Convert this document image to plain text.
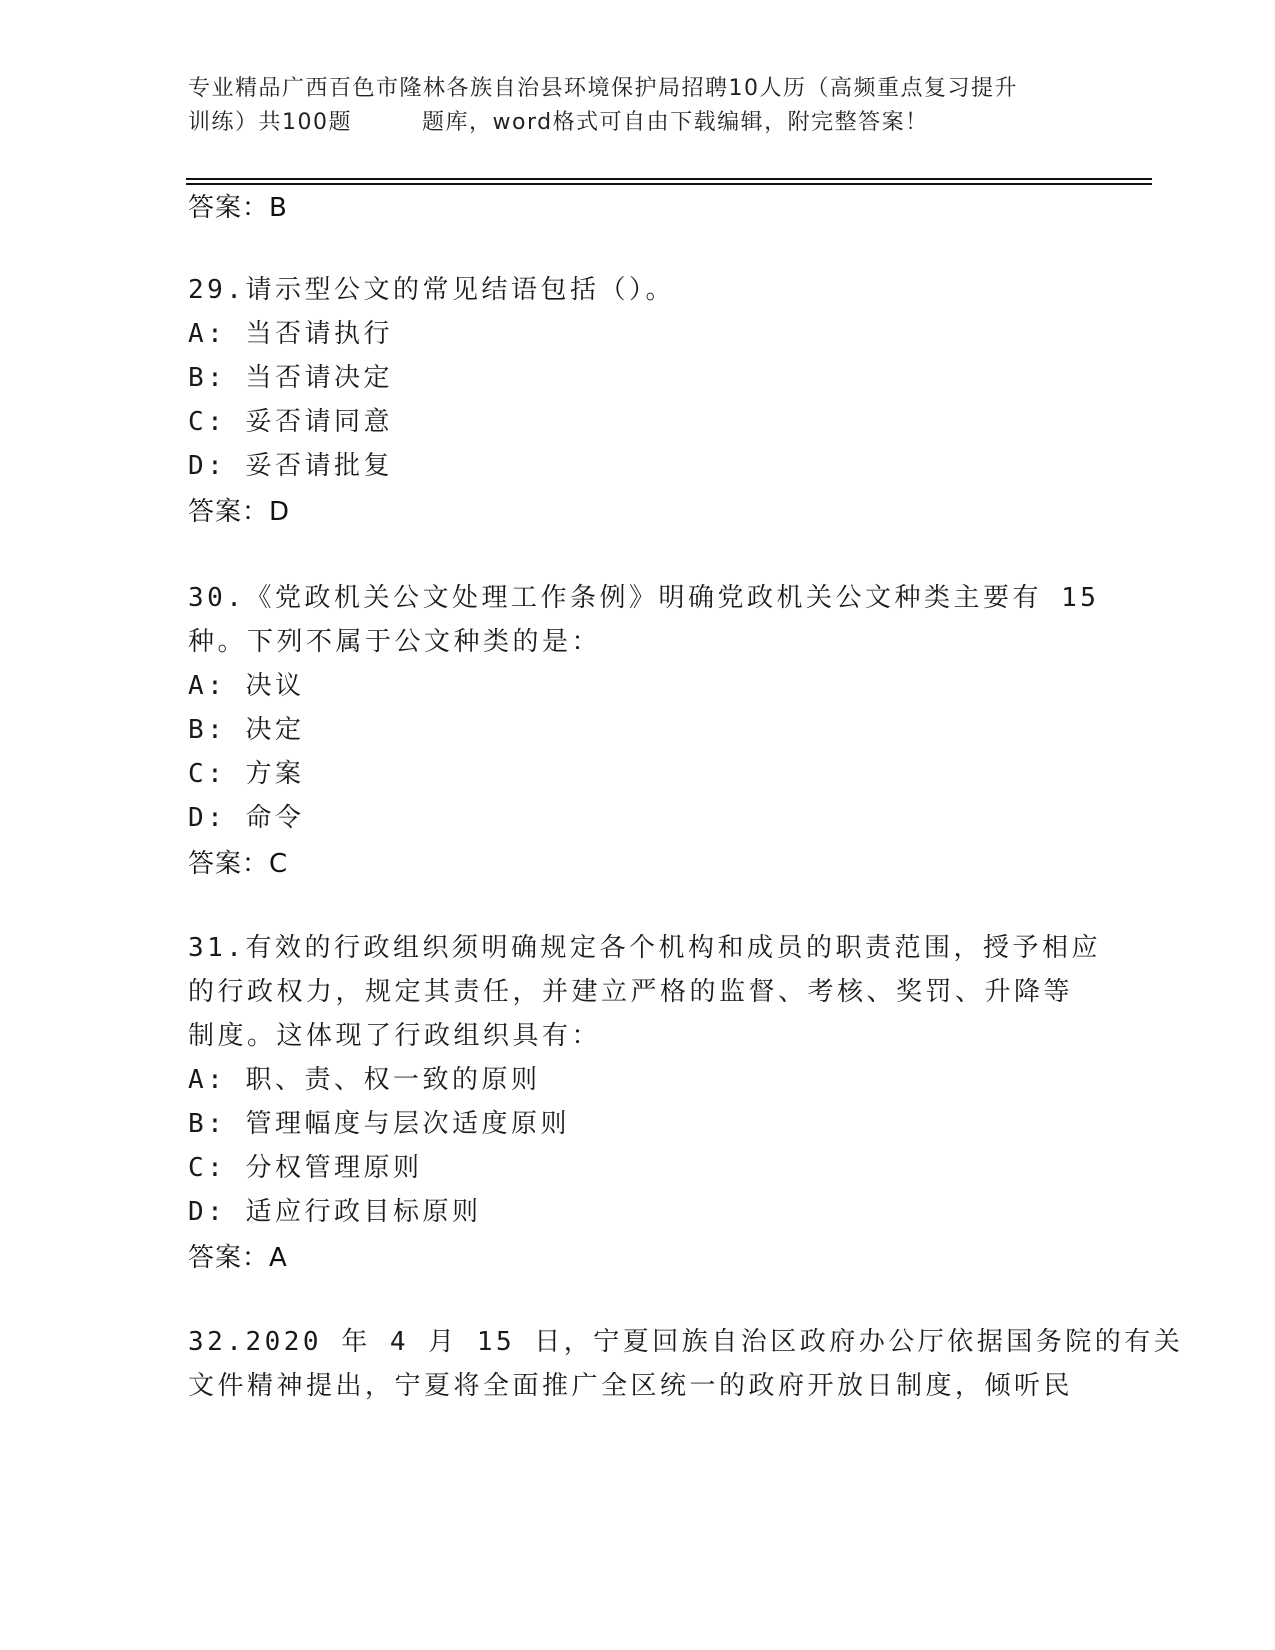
专业精品广西百色市隆林各族自治县环境保护局招聘10人历（高频重点复习提升
训练）共100题	题库，word格式可自由下载编辑，附完整答案！
答案：B
29.请示型公文的常见结语包括（）。
A: 当否请执行
B: 当否请决定
C: 妥否请同意
D: 妥否请批复
答案：D
30.《党政机关公文处理工作条例》明确党政机关公文种类主要有 15
种。下列不属于公文种类的是：
A: 决议
B: 决定
C: 方案
D: 命令
答案：C
31.有效的行政组织须明确规定各个机构和成员的职责范围，授予相应
的行政权力，规定其责任，并建立严格的监督、考核、奖罚、升降等
制度。这体现了行政组织具有：
A: 职、责、权一致的原则
B: 管理幅度与层次适度原则
C: 分权管理原则
D: 适应行政目标原则
答案：A
32.2020 年 4 月 15 日，宁夏回族自治区政府办公厅依据国务院的有关
文件精神提出，宁夏将全面推广全区统一的政府开放日制度，倾听民
